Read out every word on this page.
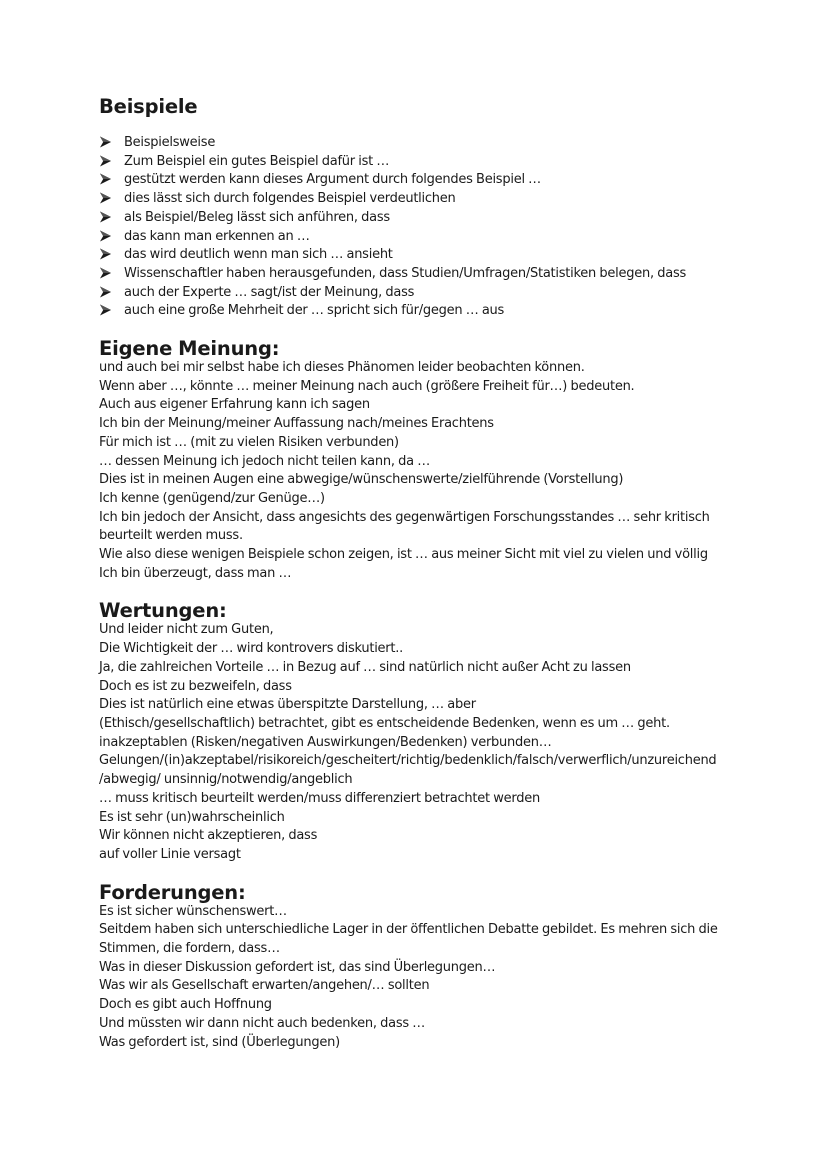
Beispiele
Beispielsweise
Zum Beispiel ein gutes Beispiel dafür ist …
gestützt werden kann dieses Argument durch folgendes Beispiel …
dies lässt sich durch folgendes Beispiel verdeutlichen
als Beispiel/Beleg lässt sich anführen, dass
das kann man erkennen an …
das wird deutlich wenn man sich … ansieht
Wissenschaftler haben herausgefunden, dass Studien/Umfragen/Statistiken belegen, dass
auch der Experte … sagt/ist der Meinung, dass
auch eine große Mehrheit der … spricht sich für/gegen … aus
Eigene Meinung:

und auch bei mir selbst habe ich dieses Phänomen leider beobachten können.

Wenn aber …, könnte … meiner Meinung nach auch (größere Freiheit für…) bedeuten.

Auch aus eigener Erfahrung kann ich sagen

Ich bin der Meinung/meiner Auffassung nach/meines Erachtens

Für mich ist … (mit zu vielen Risiken verbunden)

… dessen Meinung ich jedoch nicht teilen kann, da …

Dies ist in meinen Augen eine abwegige/wünschenswerte/zielführende (Vorstellung)

Ich kenne (genügend/zur Genüge…)

Ich bin jedoch der Ansicht, dass angesichts des gegenwärtigen Forschungsstandes … sehr kritisch

beurteilt werden muss.

Wie also diese wenigen Beispiele schon zeigen, ist … aus meiner Sicht mit viel zu vielen und völlig

Ich bin überzeugt, dass man …

Wertungen:

Und leider nicht zum Guten,

Die Wichtigkeit der … wird kontrovers diskutiert..

Ja, die zahlreichen Vorteile … in Bezug auf … sind natürlich nicht außer Acht zu lassen

Doch es ist zu bezweifeln, dass

Dies ist natürlich eine etwas überspitzte Darstellung, … aber

(Ethisch/gesellschaftlich) betrachtet, gibt es entscheidende Bedenken, wenn es um … geht.

inakzeptablen (Risken/negativen Auswirkungen/Bedenken) verbunden…

Gelungen/(in)akzeptabel/risikoreich/gescheitert/richtig/bedenklich/falsch/verwerflich/unzureichend

/abwegig/ unsinnig/notwendig/angeblich

… muss kritisch beurteilt werden/muss differenziert betrachtet werden

Es ist sehr (un)wahrscheinlich

Wir können nicht akzeptieren, dass

auf voller Linie versagt

Forderungen:

Es ist sicher wünschenswert…

Seitdem haben sich unterschiedliche Lager in der öffentlichen Debatte gebildet. Es mehren sich die

Stimmen, die fordern, dass…

Was in dieser Diskussion gefordert ist, das sind Überlegungen…

Was wir als Gesellschaft erwarten/angehen/… sollten

Doch es gibt auch Hoffnung

Und müssten wir dann nicht auch bedenken, dass …

Was gefordert ist, sind (Überlegungen)
